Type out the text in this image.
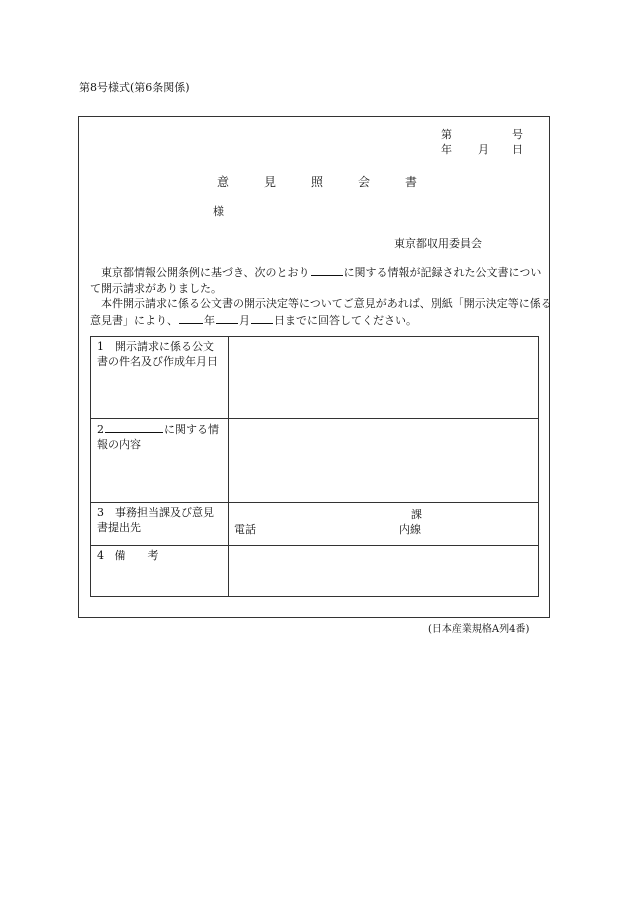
第8号様式(第6条関係)
第	号
年 月 日
意	見	照	会	書
様
東京都収用委員会
東京都情報公開条例に基づき、次のとおり	に関する情報が記録された公文書について開示請求がありました。
本件開示請求に係る公文書の開示決定等についてご意見があれば、別紙「開示決定等に係る意見書」により、 年 月 日までに回答してください。
1　開示請求に係る公文書の件名及び作成年月日	
2 に関する情報の内容	
3　事務担当課及び意見書提出先	課
電話 内線

4 備　　考	
(日本産業規格A列4番)
